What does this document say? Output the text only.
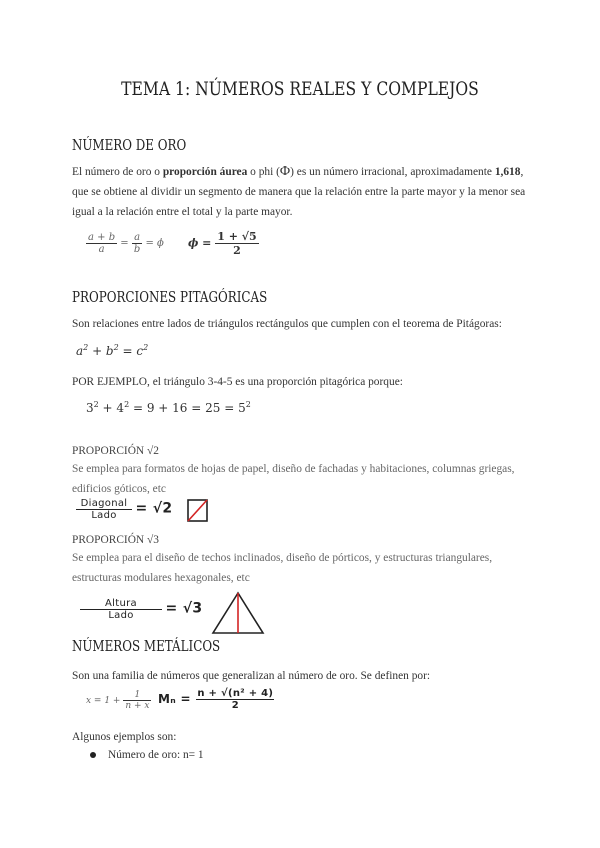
TEMA 1: NÚMEROS REALES Y COMPLEJOS
NÚMERO DE ORO
El número de oro o proporción áurea o phi (Φ) es un número irracional, aproximadamente 1,618, que se obtiene al dividir un segmento de manera que la relación entre la parte mayor y la menor sea igual a la relación entre el total y la parte mayor.
$\frac{a + b}{a} = \frac{a}{b} = \phi$ $\phi = \frac{1 + √5}{2}$
PROPORCIONES PITAGÓRICAS
Son relaciones entre lados de triángulos rectángulos que cumplen con el teorema de Pitágoras:
$a^2 + b^2 = c^2$
POR EJEMPLO, el triángulo 3-4-5 es una proporción pitagórica porque:
$3^2 + 4^2 = 9 + 16 = 25 = 5^2$
PROPORCIÓN √2
Se emplea para formatos de hojas de papel, diseño de fachadas y habitaciones, columnas griegas, edificios góticos, etc
$\frac{\text{Diagonal}}{\text{Lado}} = √2$
PROPORCIÓN √3
Se emplea para el diseño de techos inclinados, diseño de pórticos, y estructuras triangulares, estructuras modulares hexagonales, etc
$\frac{\text{Altura}}{\text{Lado}} = √3$
NÚMEROS METÁLICOS
Son una familia de números que generalizan al número de oro. Se definen por:
$x = 1 + \frac{1}{n + x}$ $M_n = \frac{\text{n + √(n² + 4)}}{2}$
Algunos ejemplos son:
Número de oro: n= 1
